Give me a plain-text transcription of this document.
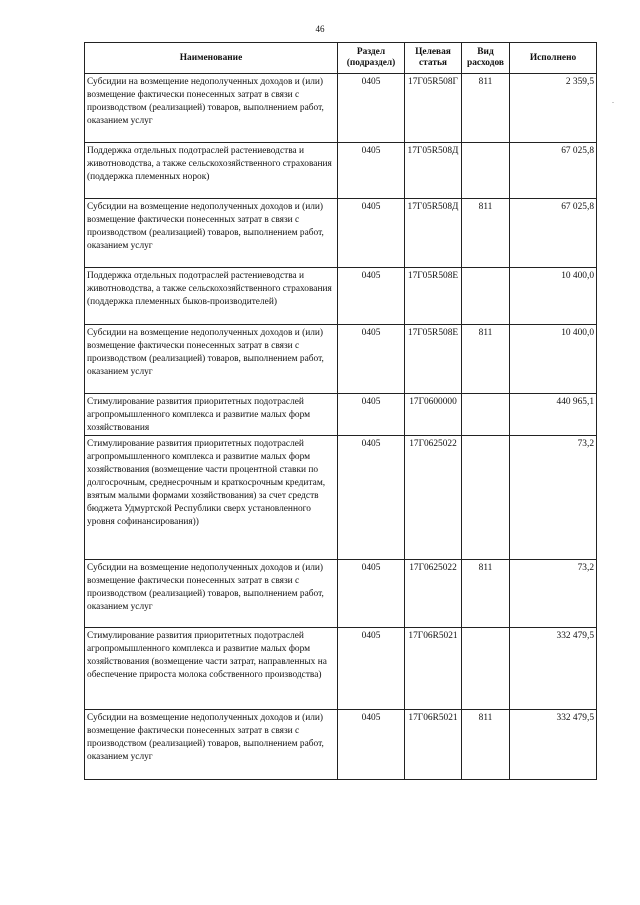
46
.
Наименование	Раздел (подраздел)	Целевая статья	Вид расходов	Исполнено
Субсидии на возмещение недополученных доходов и (или) возмещение фактически понесенных затрат в связи с производством (реализацией) товаров, выполнением работ, оказанием услуг	0405	17Г05R508Г	811	2 359,5
Поддержка отдельных подотраслей растениеводства и животноводства, а также сельскохозяйственного страхования (поддержка племенных норок)	0405	17Г05R508Д		67 025,8
Субсидии на возмещение недополученных доходов и (или) возмещение фактически понесенных затрат в связи с производством (реализацией) товаров, выполнением работ, оказанием услуг	0405	17Г05R508Д	811	67 025,8
Поддержка отдельных подотраслей растениеводства и животноводства, а также сельскохозяйственного страхования (поддержка племенных быков-производителей)	0405	17Г05R508Е		10 400,0
Субсидии на возмещение недополученных доходов и (или) возмещение фактически понесенных затрат в связи с производством (реализацией) товаров, выполнением работ, оказанием услуг	0405	17Г05R508Е	811	10 400,0
Стимулирование развития приоритетных подотраслей агропромышленного комплекса и развитие малых форм хозяйствования	0405	17Г0600000		440 965,1
Стимулирование развития приоритетных подотраслей агропромышленного комплекса и развитие малых форм хозяйствования (возмещение части процентной ставки по долгосрочным, среднесрочным и краткосрочным кредитам, взятым малыми формами хозяйствования) за счет средств бюджета Удмуртской Республики сверх установленного уровня софинансирования))	0405	17Г0625022		73,2
Субсидии на возмещение недополученных доходов и (или) возмещение фактически понесенных затрат в связи с производством (реализацией) товаров, выполнением работ, оказанием услуг	0405	17Г0625022	811	73,2
Стимулирование развития приоритетных подотраслей агропромышленного комплекса и развитие малых форм хозяйствования (возмещение части затрат, направленных на обеспечение прироста молока собственного производства)	0405	17Г06R5021		332 479,5
Субсидии на возмещение недополученных доходов и (или) возмещение фактически понесенных затрат в связи с производством (реализацией) товаров, выполнением работ, оказанием услуг	0405	17Г06R5021	811	332 479,5
